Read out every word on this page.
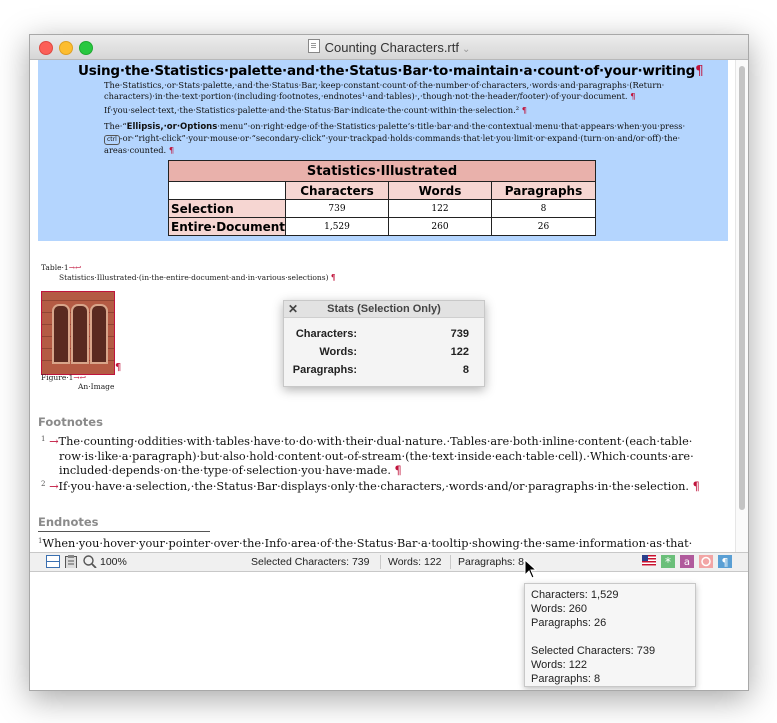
Counting Characters.rtf ⌄
Using·the·Statistics·palette·and·the·Status·Bar·to·maintain·a·count·of·your·writing¶
The·Statistics,·or·Stats·palette,·and·the·Status·Bar,·keep·constant·count·of·the·number·of·characters,·words·and·paragraphs·(Return·
characters)·in·the·text·portion·(including·footnotes,·endnotes¹·and·tables)·,·though·not·the·header/footer)·of·your·document. ¶
If·you·select·text,·the·Statistics·palette·and·the·Status·Bar·indicate·the·count·within·the·selection.² ¶
The·“Ellipsis,·or·Options·menu”·on·right·edge·of·the·Statistics·palette’s·title·bar·and·the·contextual·menu·that·appears·when·you·press·
ctrl -or·“right-click”·your·mouse·or·“secondary-click”·your·trackpad·holds·commands·that·let·you·limit·or·expand·(turn·on·and/or·off)·the·
areas·counted. ¶
Statistics·Illustrated			
	Characters	Words	Paragraphs
Selection	739	122	8
Entire·Document	1,529	260	26
Table·1→↩
Statistics·Illustrated·(in·the·entire·document·and·in·various·selections) ¶
¶
Figure·1→↩
An·Image
✕	Stats (Selection Only)
Characters:	739
Words:	122
Paragraphs:	8
Footnotes
$^1$ →The·counting·oddities·with·tables·have·to·do·with·their·dual·nature.·Tables·are·both·inline·content·(each·table·
row·is·like·a·paragraph)·but·also·hold·content·out-of-stream·(the·text·inside·each·table·cell).·Which·counts·are·
included·depends·on·the·type·of·selection·you·have·made. ¶
$^2$ →If·you·have·a·selection,·the·Status·Bar·displays·only·the·characters,·words·and/or·paragraphs·in·the·selection. ¶
Endnotes
$^1$When·you·hover·your·pointer·over·the·Info·area·of·the·Status·Bar·a·tooltip·showing·the·same·information·as·that·
100%	Selected Characters: 739 Words: 122 Paragraphs: 8	* a	¶
Characters: 1,529
Words: 260
Paragraphs: 26
Selected Characters: 739
Words: 122
Paragraphs: 8
